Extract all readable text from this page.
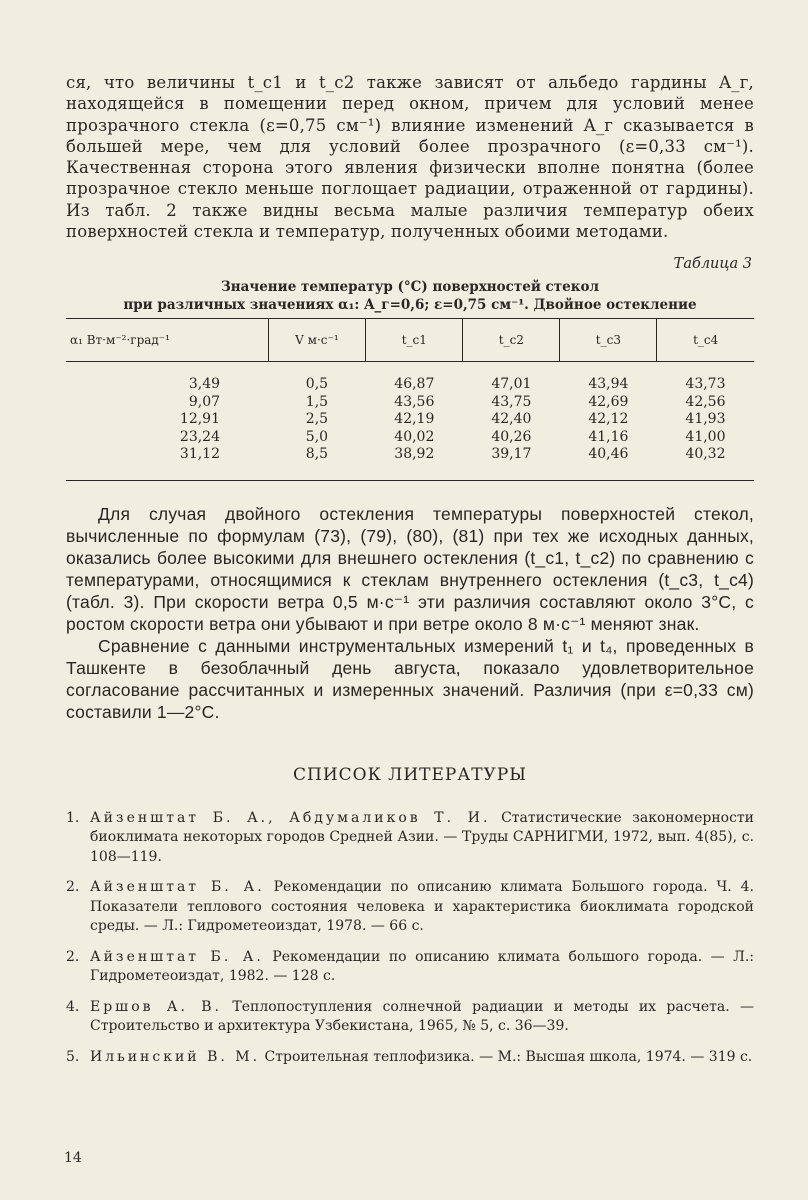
ся, что величины t_c1 и t_c2 также зависят от альбедо гардины A_г, находящейся в помещении перед окном, причем для условий менее прозрачного стекла (ε=0,75 см⁻¹) влияние изменений A_г сказывается в большей мере, чем для условий более прозрачного (ε=0,33 см⁻¹). Качественная сторона этого явления физически вполне понятна (более прозрачное стекло меньше поглощает радиации, отраженной от гардины). Из табл. 2 также видны весьма малые различия температур обеих поверхностей стекла и температур, полученных обоими методами.

Таблица 3
Значение температур (°С) поверхностей стекол
при различных значениях α₁: A_г=0,6; ε=0,75 см⁻¹. Двойное остекление
α₁ Вт·м⁻²·град⁻¹	V м·с⁻¹	t_c1	t_c2	t_c3	t_c4
3,49	0,5	46,87	47,01	43,94	43,73
9,07	1,5	43,56	43,75	42,69	42,56
12,91	2,5	42,19	42,40	42,12	41,93
23,24	5,0	40,02	40,26	41,16	41,00
31,12	8,5	38,92	39,17	40,46	40,32

Для случая двойного остекления температуры поверхностей стекол, вычисленные по формулам (73), (79), (80), (81) при тех же исходных данных, оказались более высокими для внешнего остекления (t_c1, t_c2) по сравнению с температурами, относящимися к стеклам внутреннего остекления (t_c3, t_c4) (табл. 3). При скорости ветра 0,5 м·с⁻¹ эти различия составляют около 3°С, с ростом скорости ветра они убывают и при ветре около 8 м·с⁻¹ меняют знак.

Сравнение с данными инструментальных измерений t₁ и t₄, проведенных в Ташкенте в безоблачный день августа, показало удовлетворительное согласование рассчитанных и измеренных значений. Различия (при ε=0,33 см) составили 1—2°С.

СПИСОК ЛИТЕРАТУРЫ
1. Айзенштат Б. А., Абдумаликов Т. И. Статистические закономерности биоклимата некоторых городов Средней Азии. — Труды САРНИГМИ, 1972, вып. 4(85), с. 108—119.
2. Айзенштат Б. А. Рекомендации по описанию климата Большого города. Ч. 4. Показатели теплового состояния человека и характеристика биоклимата городской среды. — Л.: Гидрометеоиздат, 1978. — 66 с.
2. Айзенштат Б. А. Рекомендации по описанию климата большого города. — Л.: Гидрометеоиздат, 1982. — 128 с.
4. Ершов А. В. Теплопоступления солнечной радиации и методы их расчета. — Строительство и архитектура Узбекистана, 1965, № 5, с. 36—39.
5. Ильинский В. М. Строительная теплофизика. — М.: Высшая школа, 1974. — 319 с.
14
